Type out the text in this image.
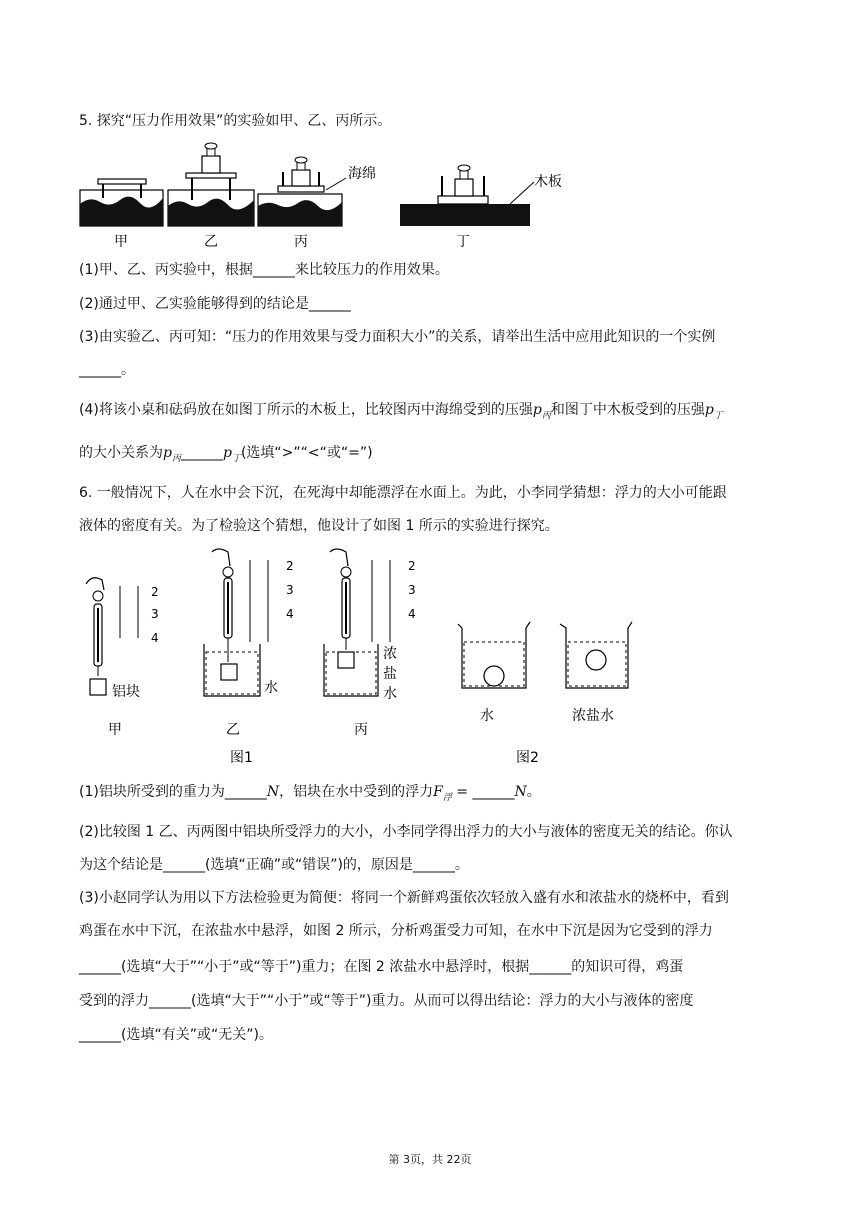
5. 探究“压力作用效果”的实验如甲、乙、丙所示。
海绵	木板
甲	乙	丙	丁
(1)甲、乙、丙实验中，根据______来比较压力的作用效果。
(2)通过甲、乙实验能够得到的结论是______
(3)由实验乙、丙可知：“压力的作用效果与受力面积大小”的关系，请举出生活中应用此知识的一个实例
______。
(4)将该小桌和砝码放在如图丁所示的木板上，比较图丙中海绵受到的压强$p_丙$和图丁中木板受到的压强$p_丁$
的大小关系为$p_丙\_\_\_\_\_\_p_丁$(选填“>”“<“或“=”)
6. 一般情况下，人在水中会下沉，在死海中却能漂浮在水面上。为此，小李同学猜想：浮力的大小可能跟
液体的密度有关。为了检验这个猜想，他设计了如图 1 所示的实验进行探究。
铝块
2
3
4
水
2
3
4
浓
盐
水
2
3
4
水	浓盐水
甲	乙	丙
图1	图2
(1)铝块所受到的重力为______N，铝块在水中受到的浮力$F_浮$ = ______N。
(2)比较图 1 乙、丙两图中铝块所受浮力的大小，小李同学得出浮力的大小与液体的密度无关的结论。你认
为这个结论是______(选填“正确”或“错误”)的，原因是______。
(3)小赵同学认为用以下方法检验更为简便：将同一个新鲜鸡蛋依次轻放入盛有水和浓盐水的烧杯中，看到
鸡蛋在水中下沉，在浓盐水中悬浮，如图 2 所示，分析鸡蛋受力可知，在水中下沉是因为它受到的浮力
______(选填“大于”“小于”或“等于”)重力；在图 2 浓盐水中悬浮时，根据______的知识可得，鸡蛋
受到的浮力______(选填“大于”“小于”或“等于”)重力。从而可以得出结论：浮力的大小与液体的密度
______(选填“有关”或“无关”)。
第 3页，共 22页
